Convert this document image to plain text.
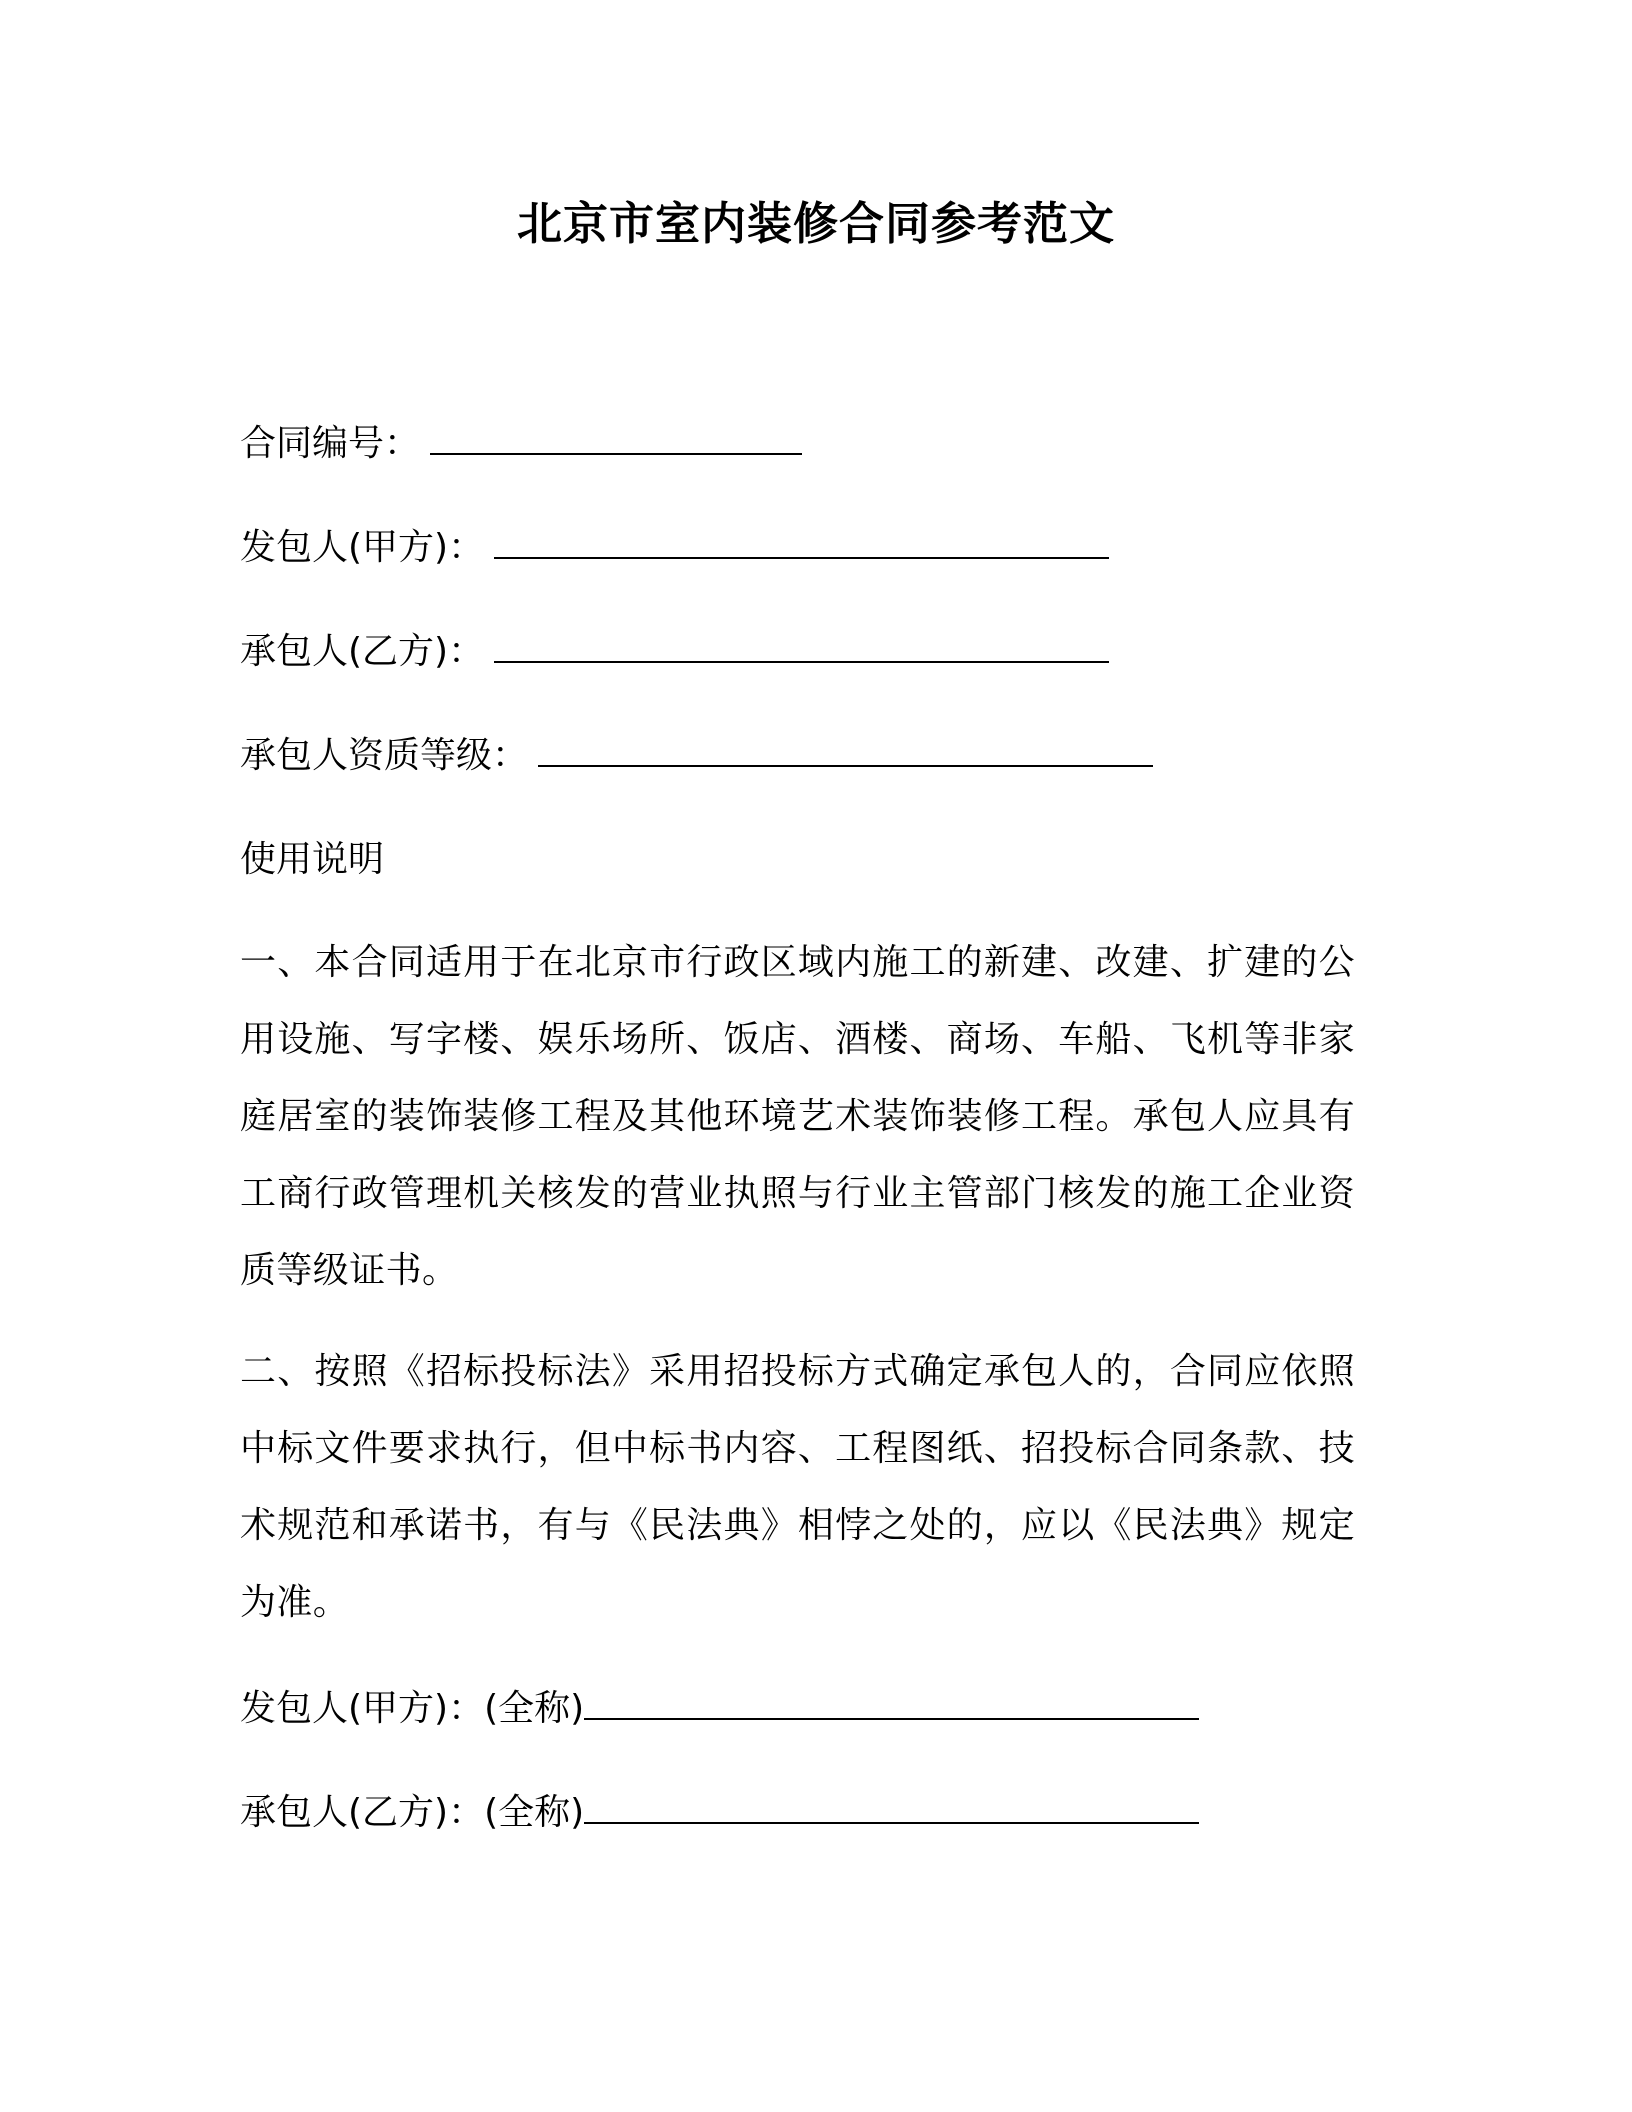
北京市室内装修合同参考范文
合同编号：
发包人(甲方)：
承包人(乙方)：
承包人资质等级：
使用说明
一、本合同适用于在北京市行政区域内施工的新建、改建、扩建的公用设施、写字楼、娱乐场所、饭店、酒楼、商场、车船、飞机等非家庭居室的装饰装修工程及其他环境艺术装饰装修工程。承包人应具有工商行政管理机关核发的营业执照与行业主管部门核发的施工企业资质等级证书。
二、按照《招标投标法》采用招投标方式确定承包人的，合同应依照中标文件要求执行，但中标书内容、工程图纸、招投标合同条款、技术规范和承诺书，有与《民法典》相悖之处的，应以《民法典》规定为准。
发包人(甲方)：(全称)
承包人(乙方)：(全称)
